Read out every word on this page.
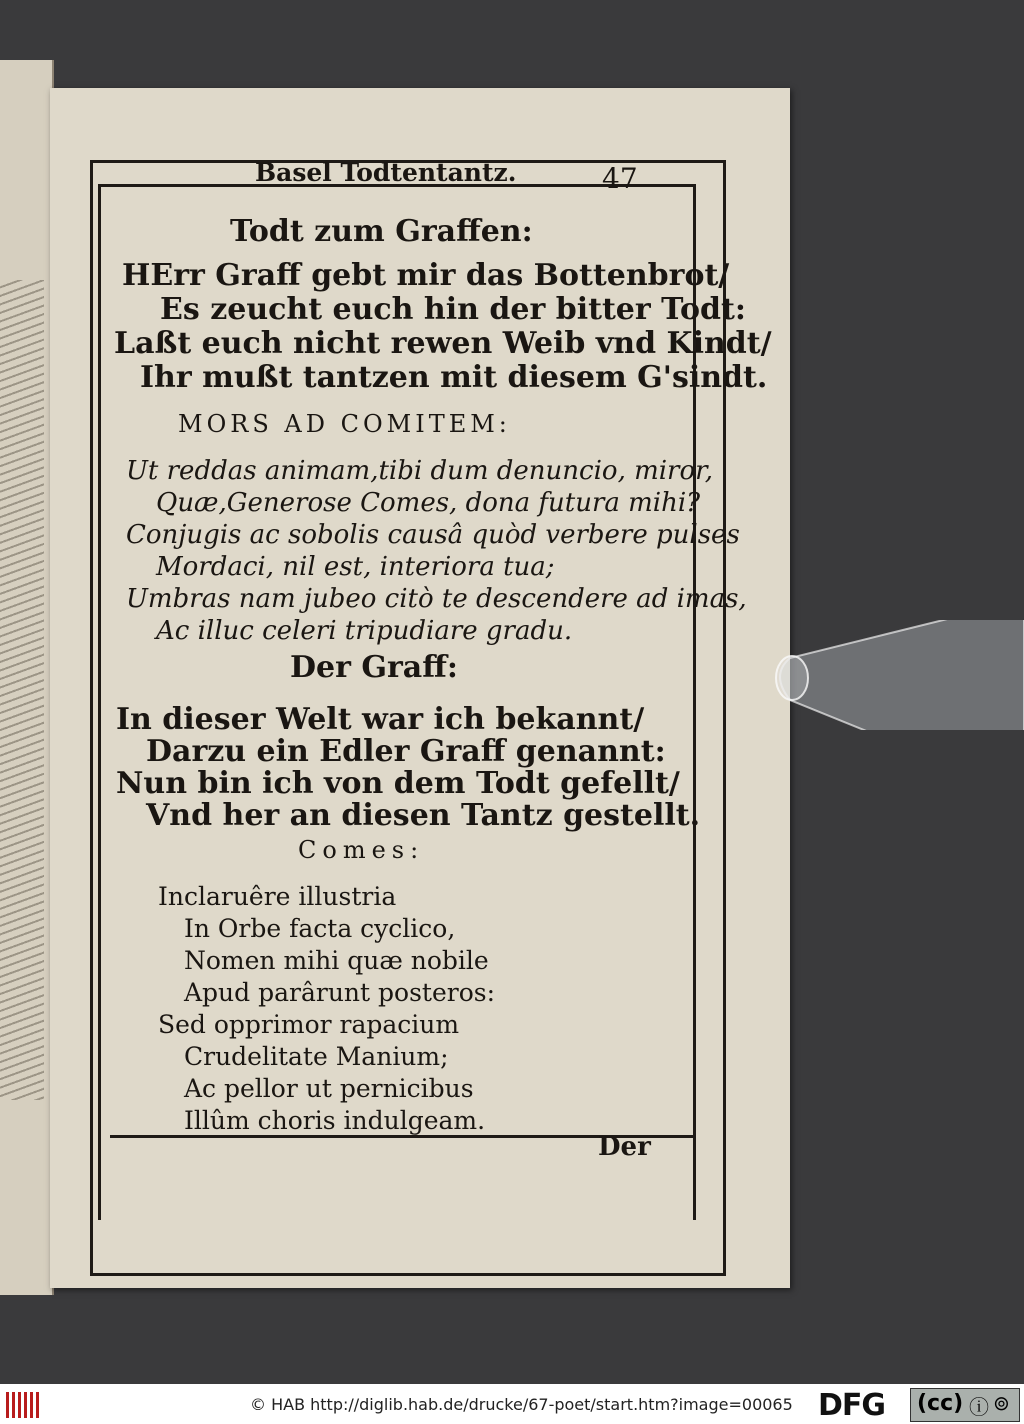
Basel Todtentantz.	47
Todt zum Graffen:
HErr Graff gebt mir das Bottenbrot/
Es zeucht euch hin der bitter Todt:
Laßt euch nicht rewen Weib vnd Kindt/
Ihr mußt tantzen mit diesem G'sindt.
MORS AD COMITEM:
Ut reddas animam,tibi dum denuncio, miror,
Quæ,Generose Comes, dona futura mihi?
Conjugis ac sobolis causâ quòd verbere pulses
Mordaci, nil est, interiora tua;
Umbras nam jubeo citò te descendere ad imas,
Ac illuc celeri tripudiare gradu.
Der Graff:
In dieser Welt war ich bekannt/
Darzu ein Edler Graff genannt:
Nun bin ich von dem Todt gefellt/
Vnd her an diesen Tantz gestellt.
Comes:
Inclaruêre illustria
In Orbe facta cyclico,
Nomen mihi quæ nobile
Apud parârunt posteros:
Sed opprimor rapacium
Crudelitate Manium;
Ac pellor ut pernicibus
Illûm choris indulgeam.
Der
© HAB http://diglib.hab.de/drucke/67-poet/start.htm?image=00065 DFG (cc) ⓘ ⊚
